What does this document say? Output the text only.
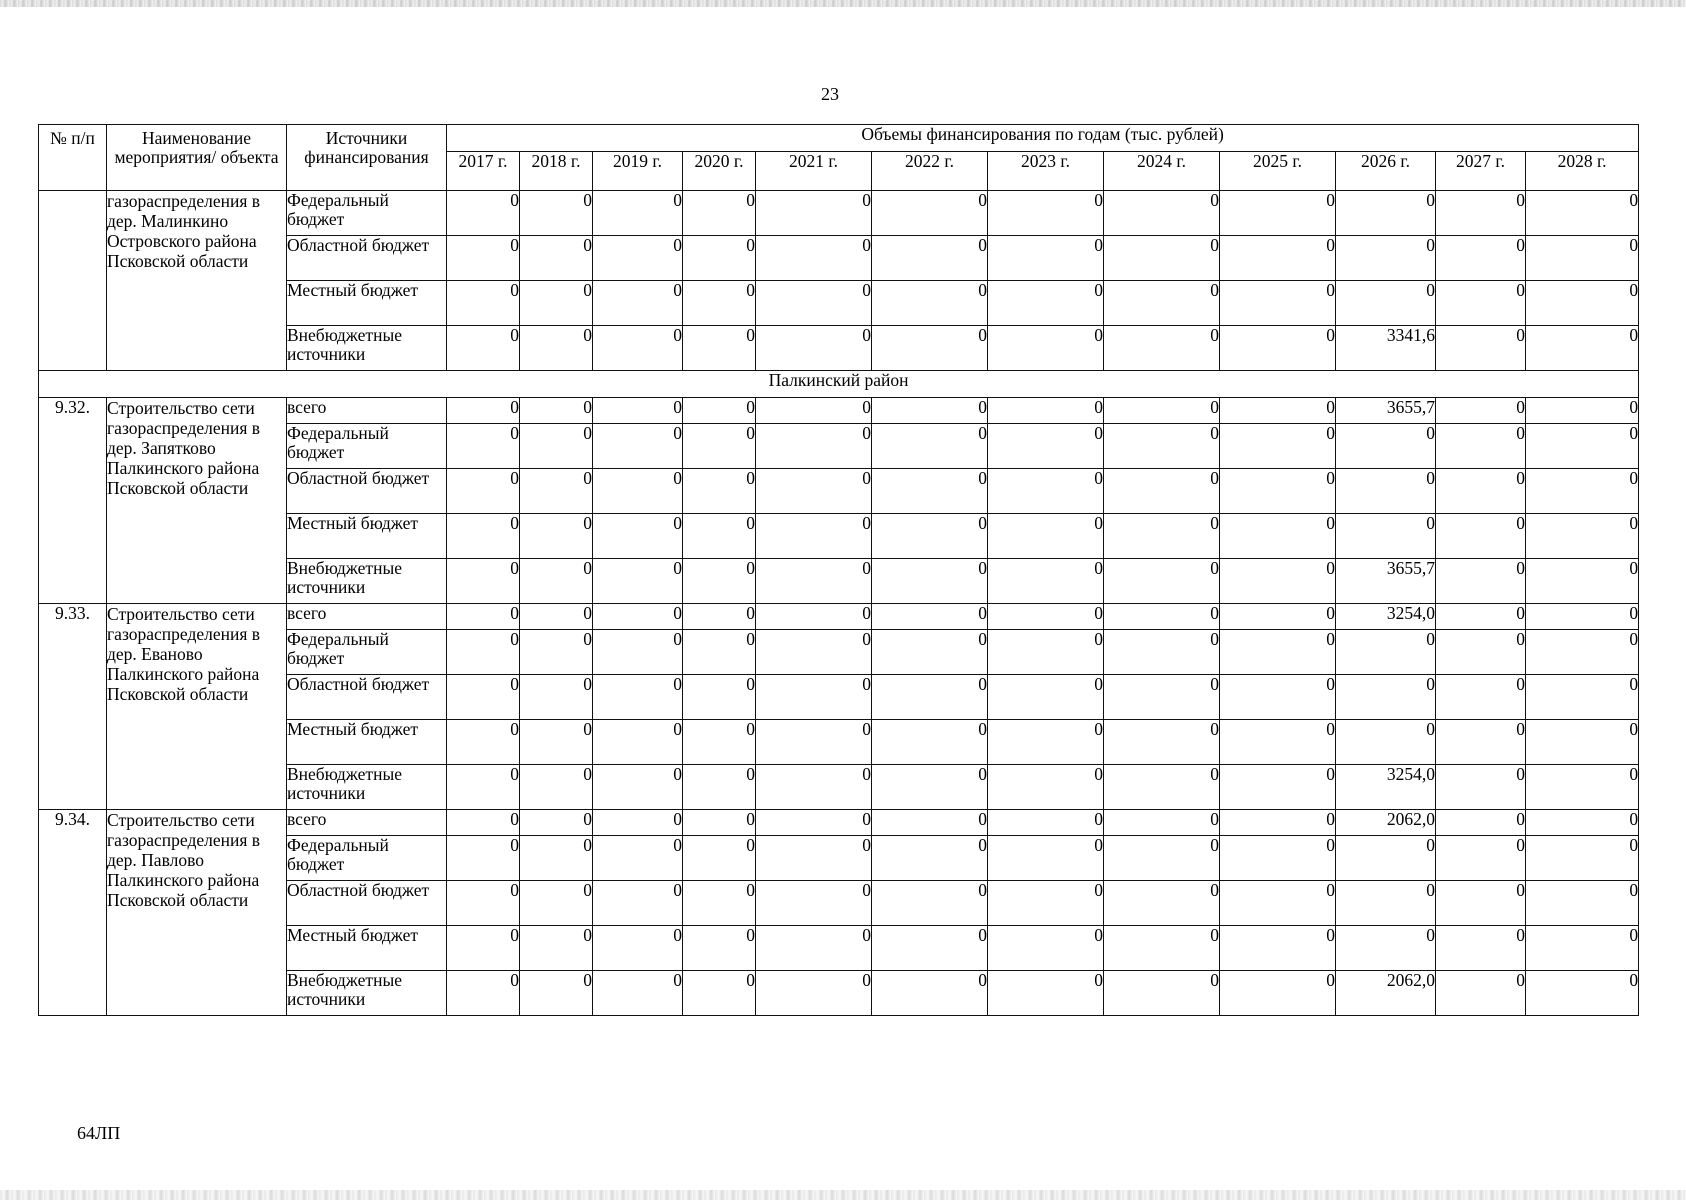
23
№ п/п	Наименование мероприятия/ объекта	Источники финансирования	Объемы финансирования по годам (тыс. рублей)											
			2017 г.	2018 г.	2019 г.	2020 г.	2021 г.	2022 г.	2023 г.	2024 г.	2025 г.	2026 г.	2027 г.	2028 г.
	газораспределения в дер. Малинкино Островского района Псковской области	Федеральный бюджет	0	0	0	0	0	0	0	0	0	0	0	0
		Областной бюджет	0	0	0	0	0	0	0	0	0	0	0	0
		Местный бюджет	0	0	0	0	0	0	0	0	0	0	0	0
		Внебюджетные источники	0	0	0	0	0	0	0	0	0	3341,6	0	0
Палкинский район														
9.32.	Строительство сети газораспределения в дер. Запятково Палкинского района Псковской области	всего	0	0	0	0	0	0	0	0	0	3655,7	0	0
		Федеральный бюджет	0	0	0	0	0	0	0	0	0	0	0	0
		Областной бюджет	0	0	0	0	0	0	0	0	0	0	0	0
		Местный бюджет	0	0	0	0	0	0	0	0	0	0	0	0
		Внебюджетные источники	0	0	0	0	0	0	0	0	0	3655,7	0	0
9.33.	Строительство сети газораспределения в дер. Еваново Палкинского района Псковской области	всего	0	0	0	0	0	0	0	0	0	3254,0	0	0
		Федеральный бюджет	0	0	0	0	0	0	0	0	0	0	0	0
		Областной бюджет	0	0	0	0	0	0	0	0	0	0	0	0
		Местный бюджет	0	0	0	0	0	0	0	0	0	0	0	0
		Внебюджетные источники	0	0	0	0	0	0	0	0	0	3254,0	0	0
9.34.	Строительство сети газораспределения в дер. Павлово Палкинского района Псковской области	всего	0	0	0	0	0	0	0	0	0	2062,0	0	0
		Федеральный бюджет	0	0	0	0	0	0	0	0	0	0	0	0
		Областной бюджет	0	0	0	0	0	0	0	0	0	0	0	0
		Местный бюджет	0	0	0	0	0	0	0	0	0	0	0	0
		Внебюджетные источники	0	0	0	0	0	0	0	0	0	2062,0	0	0
64ЛП
